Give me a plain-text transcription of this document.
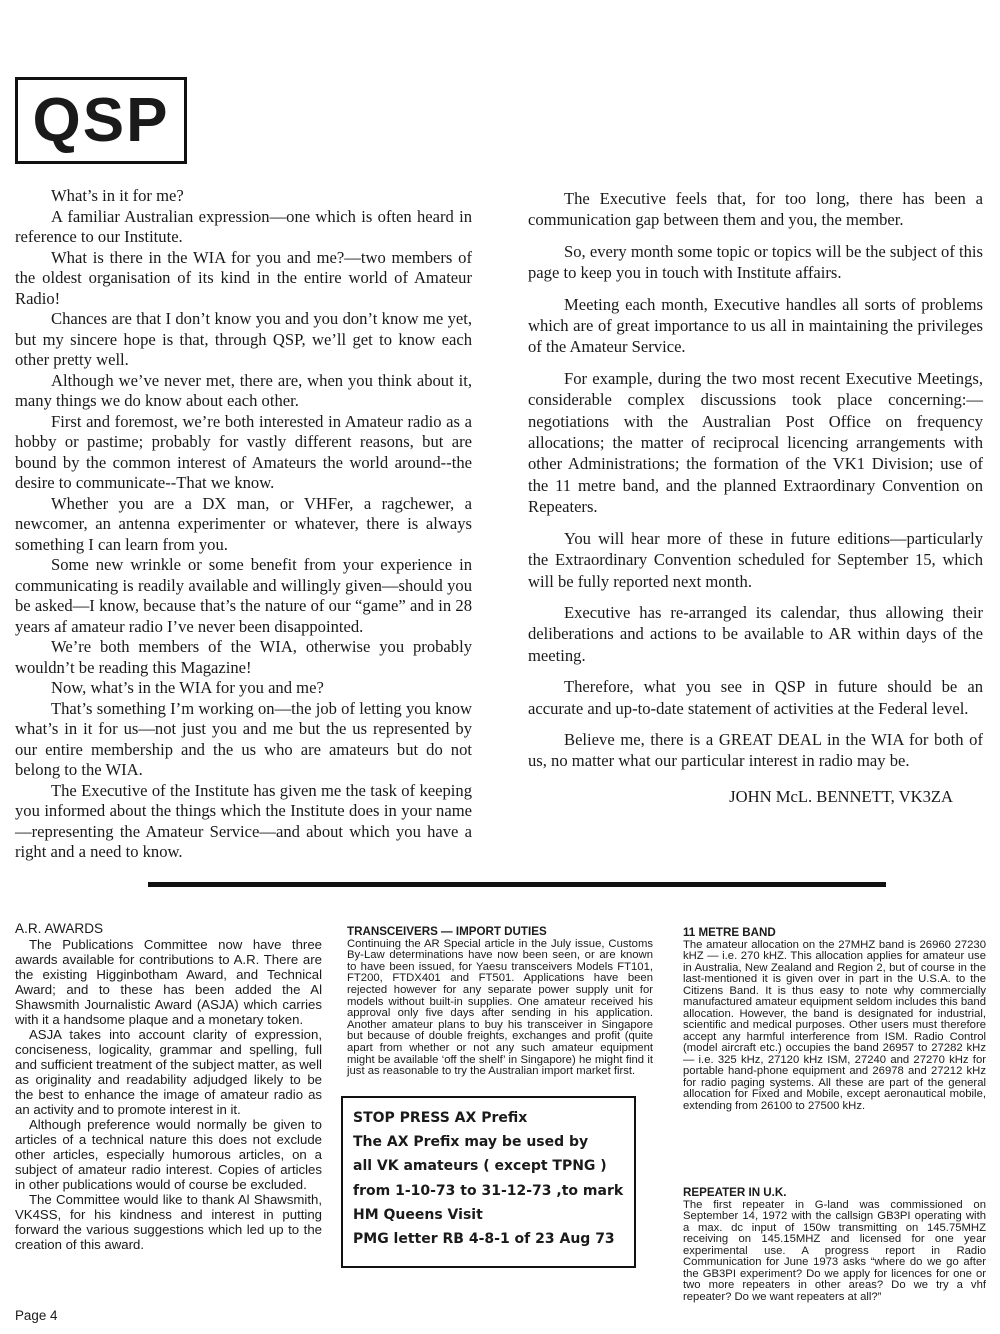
QSP

What’s in it for me?

A familiar Australian expression—one which is often heard in reference to our Institute.

What is there in the WIA for you and me?—two members of the oldest organisation of its kind in the entire world of Amateur Radio!

Chances are that I don’t know you and you don’t know me yet, but my sincere hope is that, through QSP, we’ll get to know each other pretty well.

Although we’ve never met, there are, when you think about it, many things we do know about each other.

First and foremost, we’re both interested in Amateur radio as a hobby or pastime; probably for vastly different reasons, but are bound by the common interest of Amateurs the world around--the desire to communicate--That we know.

Whether you are a DX man, or VHFer, a ragchewer, a newcomer, an antenna experimenter or whatever, there is always something I can learn from you.

Some new wrinkle or some benefit from your experience in communicating is readily available and willingly given—should you be asked—I know, because that’s the nature of our “game” and in 28 years af amateur radio I’ve never been disappointed.

We’re both members of the WIA, otherwise you probably wouldn’t be reading this Magazine!

Now, what’s in the WIA for you and me?

That’s something I’m working on—the job of letting you know what’s in it for us—not just you and me but the us represented by our entire membership and the us who are amateurs but do not belong to the WIA.

The Executive of the Institute has given me the task of keeping you informed about the things which the Institute does in your name—representing the Amateur Service—and about which you have a right and a need to know.

The Executive feels that, for too long, there has been a communication gap between them and you, the member.

So, every month some topic or topics will be the subject of this page to keep you in touch with Institute affairs.

Meeting each month, Executive handles all sorts of problems which are of great importance to us all in maintaining the privileges of the Amateur Service.

For example, during the two most recent Executive Meetings, considerable complex discussions took place concerning:—negotiations with the Australian Post Office on frequency allocations; the matter of reciprocal licencing arrangements with other Administrations; the formation of the VK1 Division; use of the 11 metre band, and the planned Extraordinary Convention on Repeaters.

You will hear more of these in future editions—particularly the Extraordinary Convention scheduled for September 15, which will be fully reported next month.

Executive has re-arranged its calendar, thus allowing their deliberations and actions to be available to AR within days of the meeting.

Therefore, what you see in QSP in future should be an accurate and up-to-date statement of activities at the Federal level.

Believe me, there is a GREAT DEAL in the WIA for both of us, no matter what our particular interest in radio may be.

JOHN McL. BENNETT, VK3ZA
A.R. AWARDS

The Publications Committee now have three awards available for contributions to A.R. There are the existing Higginbotham Award, and Technical Award; and to these has been added the Al Shawsmith Journalistic Award (ASJA) which carries with it a handsome plaque and a monetary token.

ASJA takes into account clarity of expression, conciseness, logicality, grammar and spelling, full and sufficient treatment of the subject matter, as well as originality and readability adjudged likely to be the best to enhance the image of amateur radio as an activity and to promote interest in it.

Although preference would normally be given to articles of a technical nature this does not exclude other articles, especially humorous articles, on a subject of amateur radio interest. Copies of articles in other publications would of course be excluded.

The Committee would like to thank Al Shawsmith, VK4SS, for his kindness and interest in putting forward the various suggestions which led up to the creation of this award.

TRANSCEIVERS — IMPORT DUTIES

Continuing the AR Special article in the July issue, Customs By-Law determinations have now been seen, or are known to have been issued, for Yaesu transceivers Models FT101, FT200, FTDX401 and FT501. Applications have been rejected however for any separate power supply unit for models without built-in supplies. One amateur received his approval only five days after sending in his application. Another amateur plans to buy his transceiver in Singapore but because of double freights, exchanges and profit (quite apart from whether or not any such amateur equipment might be available ‘off the shelf’ in Singapore) he might find it just as reasonable to try the Australian import market first.

STOP PRESS AX Prefix
The AX Prefix may be used by
all VK amateurs ( except TPNG )
from 1-10-73 to 31-12-73 ,to mark
HM Queens Visit
PMG letter RB 4-8-1 of 23 Aug 73
11 METRE BAND

The amateur allocation on the 27MHZ band is 26960 27230 kHZ — i.e. 270 kHZ. This allocation applies for amateur use in Australia, New Zealand and Region 2, but of course in the last-mentioned it is given over in part in the U.S.A. to the Citizens Band. It is thus easy to note why commercially manufactured amateur equipment seldom includes this band allocation. However, the band is designated for industrial, scientific and medical purposes. Other users must therefore accept any harmful interference from ISM. Radio Control (model aircraft etc.) occupies the band 26957 to 27282 kHz — i.e. 325 kHz, 27120 kHz ISM, 27240 and 27270 kHz for portable hand-phone equipment and 26978 and 27212 kHz for radio paging systems. All these are part of the general allocation for Fixed and Mobile, except aeronautical mobile, extending from 26100 to 27500 kHz.

REPEATER IN U.K.

The first repeater in G-land was commissioned on September 14, 1972 with the callsign GB3PI operating with a max. dc input of 150w transmitting on 145.75MHZ receiving on 145.15MHZ and licensed for one year experimental use. A progress report in Radio Communication for June 1973 asks “where do we go after the GB3PI experiment? Do we apply for licences for one or two more repeaters in other areas? Do we try a vhf repeater? Do we want repeaters at all?”

Page 4
